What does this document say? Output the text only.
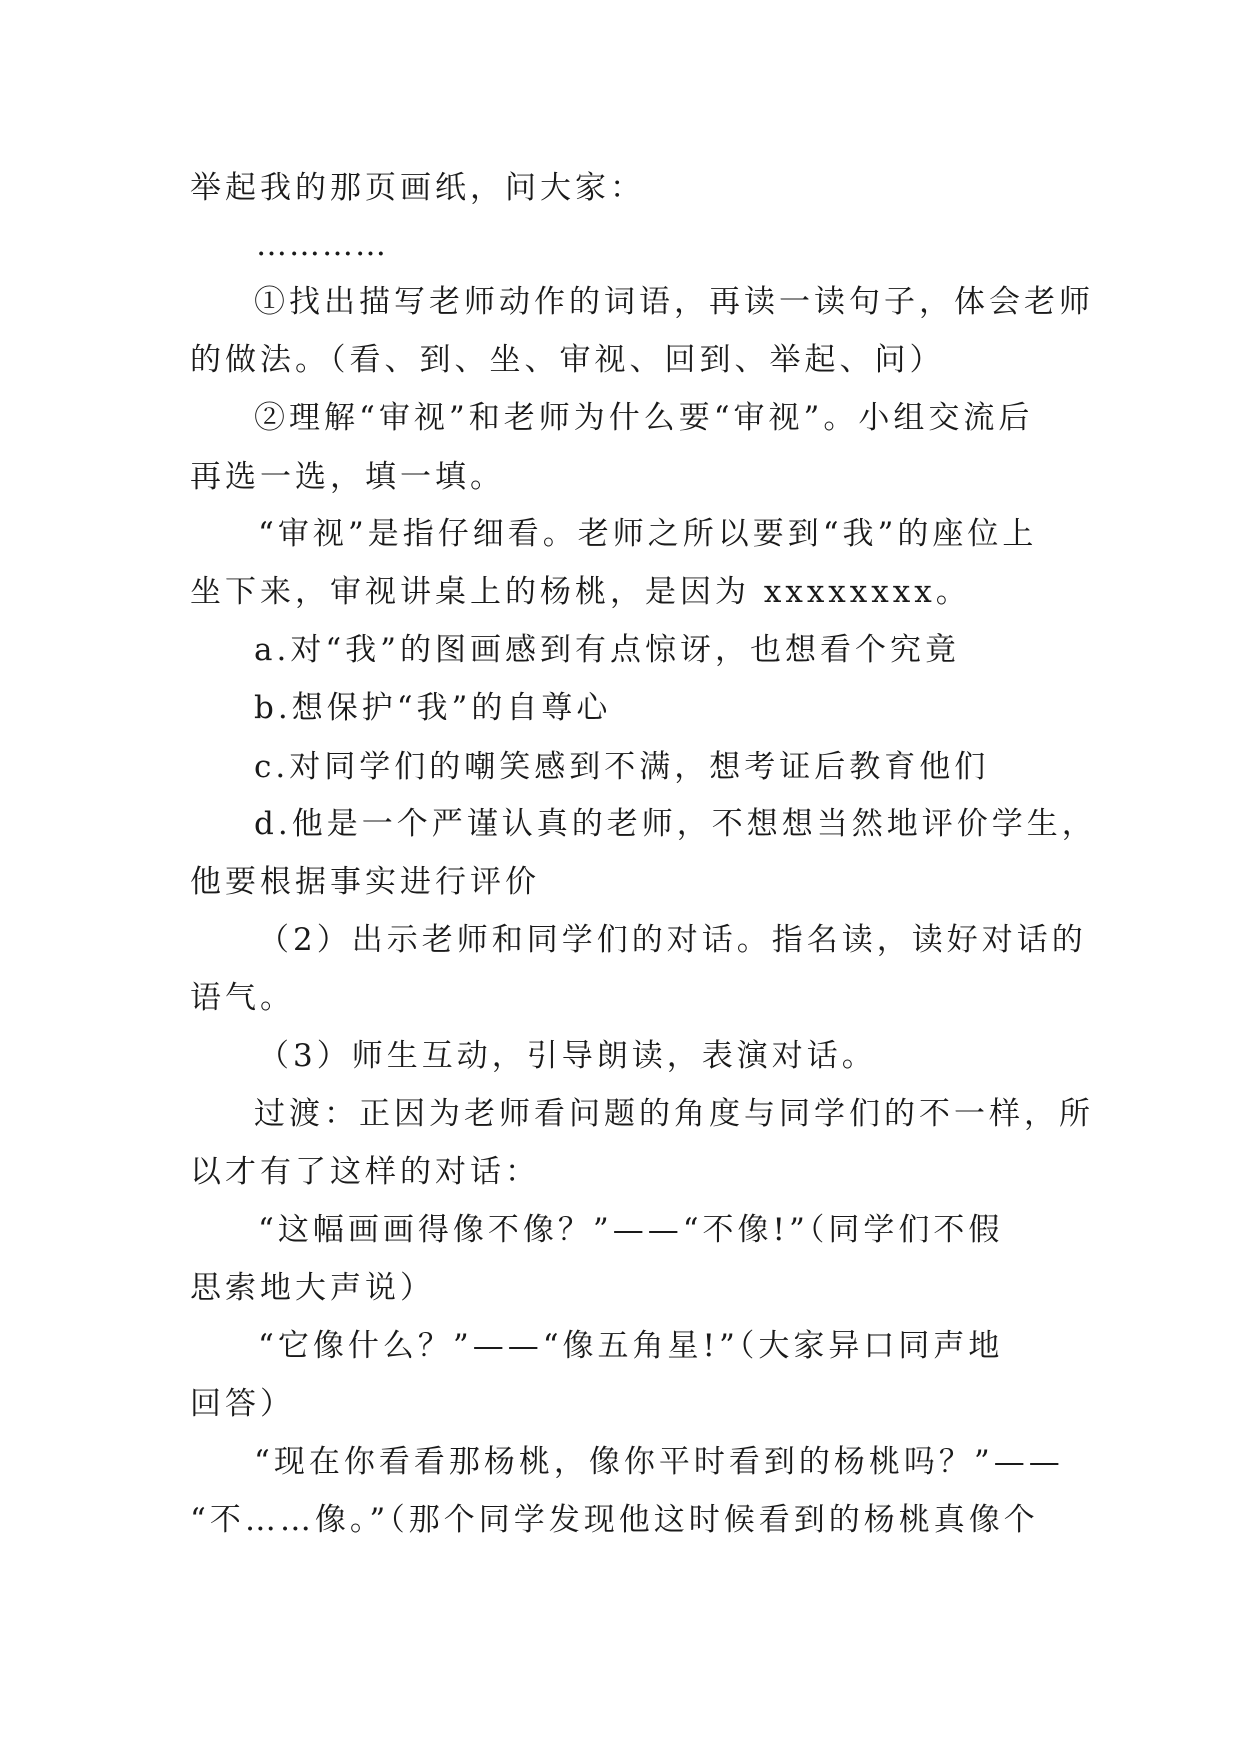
举起我的那页画纸，问大家：
…………
①找出描写老师动作的词语，再读一读句子，体会老师
的做法。（看、到、坐、审视、回到、举起、问）
②理解“审视”和老师为什么要“审视”。小组交流后
再选一选，填一填。
“审视”是指仔细看。老师之所以要到“我”的座位上
坐下来，审视讲桌上的杨桃，是因为 xxxxxxxx。
a.对“我”的图画感到有点惊讶，也想看个究竟
b.想保护“我”的自尊心
c.对同学们的嘲笑感到不满，想考证后教育他们
d.他是一个严谨认真的老师，不想想当然地评价学生，
他要根据事实进行评价
（2）出示老师和同学们的对话。指名读，读好对话的
语气。
（3）师生互动，引导朗读，表演对话。
过渡：正因为老师看问题的角度与同学们的不一样，所
以才有了这样的对话：
“这幅画画得像不像？”——“不像!”（同学们不假
思索地大声说）
“它像什么？”——“像五角星!”（大家异口同声地
回答）
“现在你看看那杨桃，像你平时看到的杨桃吗？”——
“不……像。”（那个同学发现他这时候看到的杨桃真像个
